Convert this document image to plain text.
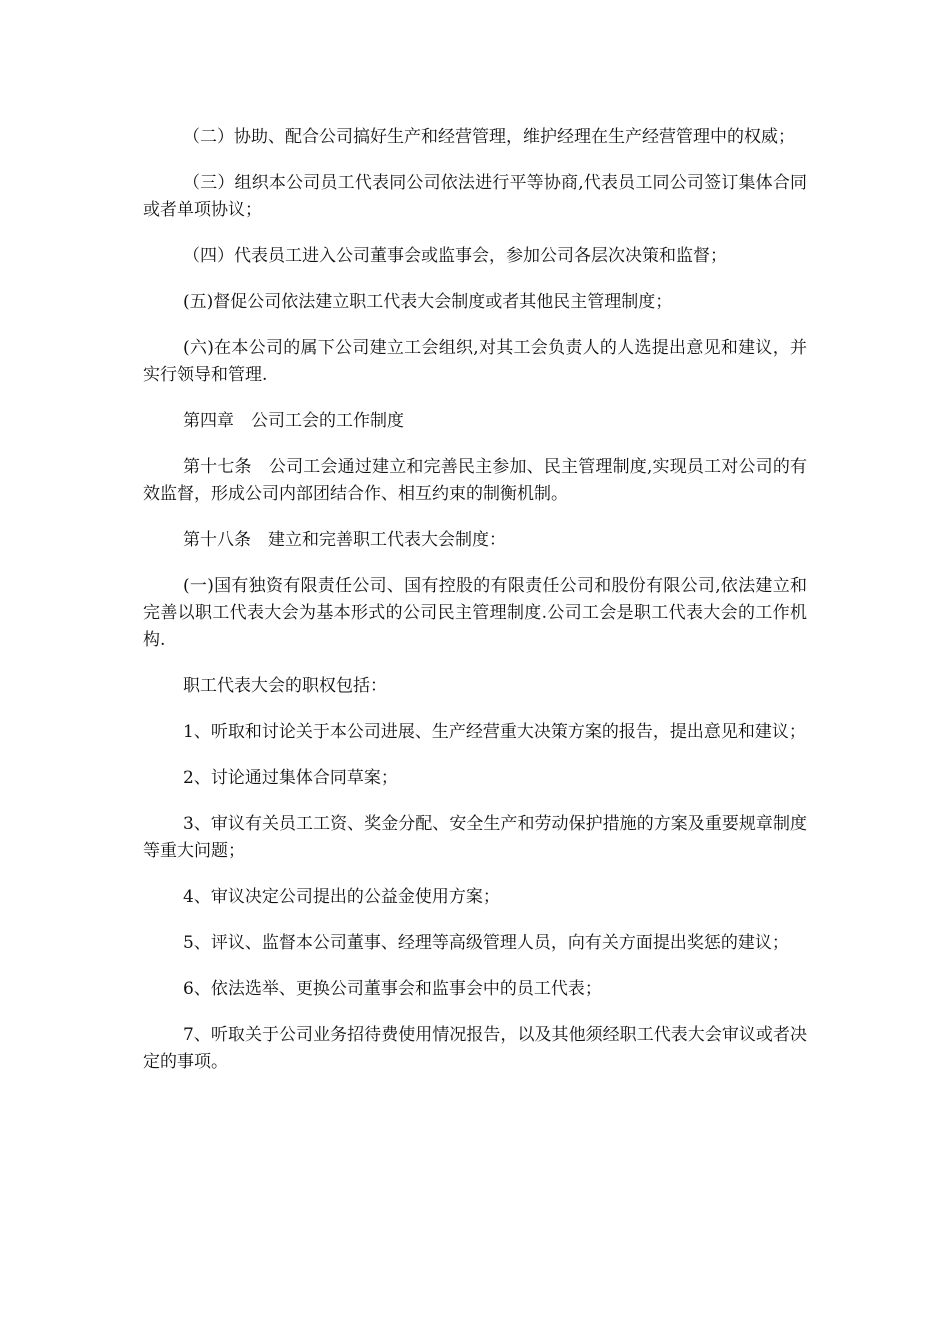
（二）协助、配合公司搞好生产和经营管理，维护经理在生产经营管理中的权威；

（三）组织本公司员工代表同公司依法进行平等协商,代表员工同公司签订集体合同或者单项协议；

（四）代表员工进入公司董事会或监事会，参加公司各层次决策和监督；

(五)督促公司依法建立职工代表大会制度或者其他民主管理制度；

(六)在本公司的属下公司建立工会组织,对其工会负责人的人选提出意见和建议，并实行领导和管理.

第四章　公司工会的工作制度

第十七条　公司工会通过建立和完善民主参加、民主管理制度,实现员工对公司的有效监督，形成公司内部团结合作、相互约束的制衡机制。

第十八条　建立和完善职工代表大会制度：

(一)国有独资有限责任公司、国有控股的有限责任公司和股份有限公司,依法建立和完善以职工代表大会为基本形式的公司民主管理制度.公司工会是职工代表大会的工作机构.

职工代表大会的职权包括：

1、听取和讨论关于本公司进展、生产经营重大决策方案的报告，提出意见和建议；

2、讨论通过集体合同草案；

3、审议有关员工工资、奖金分配、安全生产和劳动保护措施的方案及重要规章制度等重大问题；

4、审议决定公司提出的公益金使用方案；

5、评议、监督本公司董事、经理等高级管理人员，向有关方面提出奖惩的建议；

6、依法选举、更换公司董事会和监事会中的员工代表；

7、听取关于公司业务招待费使用情况报告，以及其他须经职工代表大会审议或者决定的事项。
